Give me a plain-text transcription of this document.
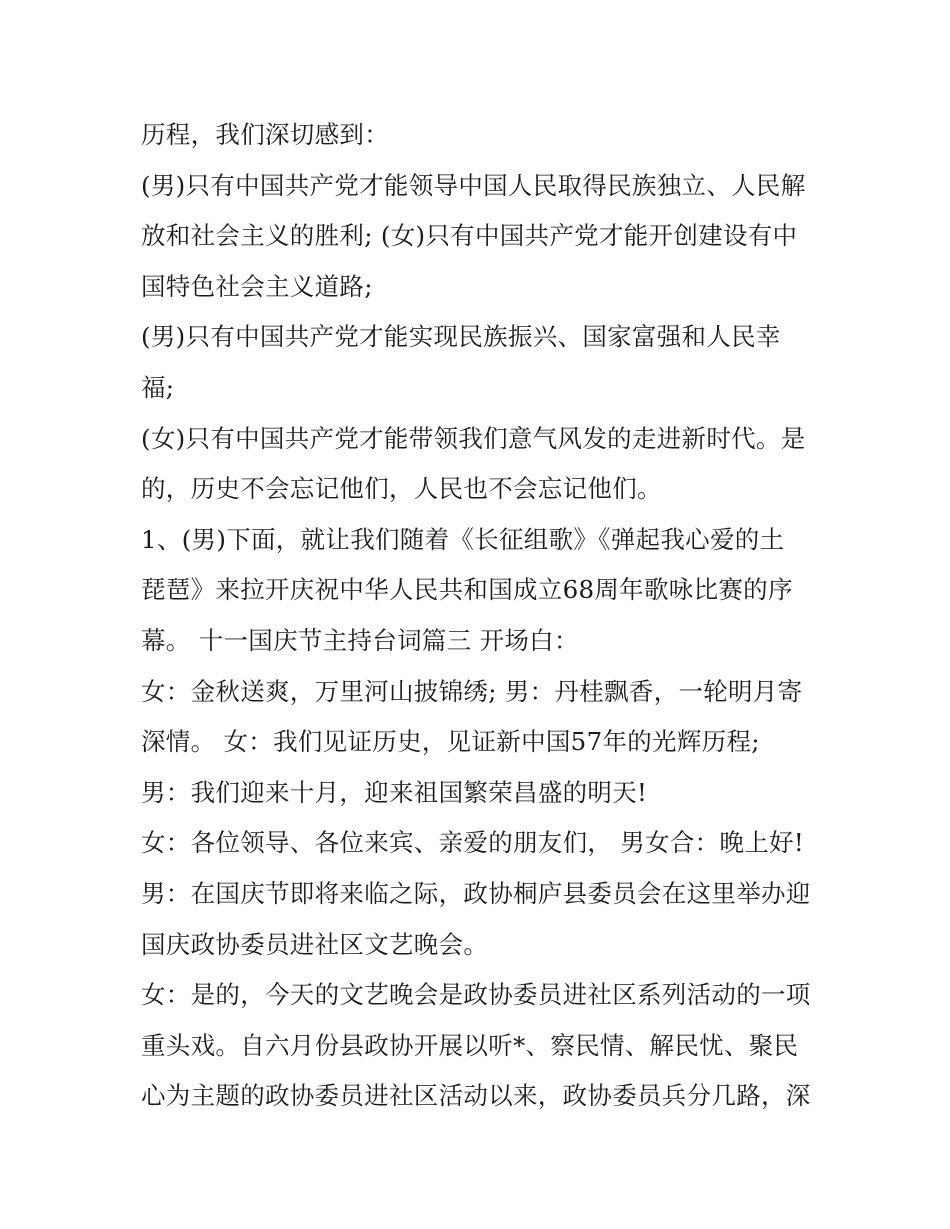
历程，我们深切感到：
(男)只有中国共产党才能领导中国人民取得民族独立、人民解
放和社会主义的胜利; (女)只有中国共产党才能开创建设有中
国特色社会主义道路;
(男)只有中国共产党才能实现民族振兴、国家富强和人民幸
福;
(女)只有中国共产党才能带领我们意气风发的走进新时代。是
的，历史不会忘记他们，人民也不会忘记他们。
1、(男)下面，就让我们随着《长征组歌》《弹起我心爱的土
琵琶》来拉开庆祝中华人民共和国成立68周年歌咏比赛的序
幕。 十一国庆节主持台词篇三 开场白：
女：金秋送爽，万里河山披锦绣; 男：丹桂飘香，一轮明月寄
深情。 女：我们见证历史，见证新中国57年的光辉历程;
男：我们迎来十月，迎来祖国繁荣昌盛的明天!
女：各位领导、各位来宾、亲爱的朋友们， 男女合：晚上好!
男：在国庆节即将来临之际，政协桐庐县委员会在这里举办迎
国庆政协委员进社区文艺晚会。
女：是的，今天的文艺晚会是政协委员进社区系列活动的一项
重头戏。自六月份县政协开展以听*、察民情、解民忧、聚民
心为主题的政协委员进社区活动以来，政协委员兵分几路，深
